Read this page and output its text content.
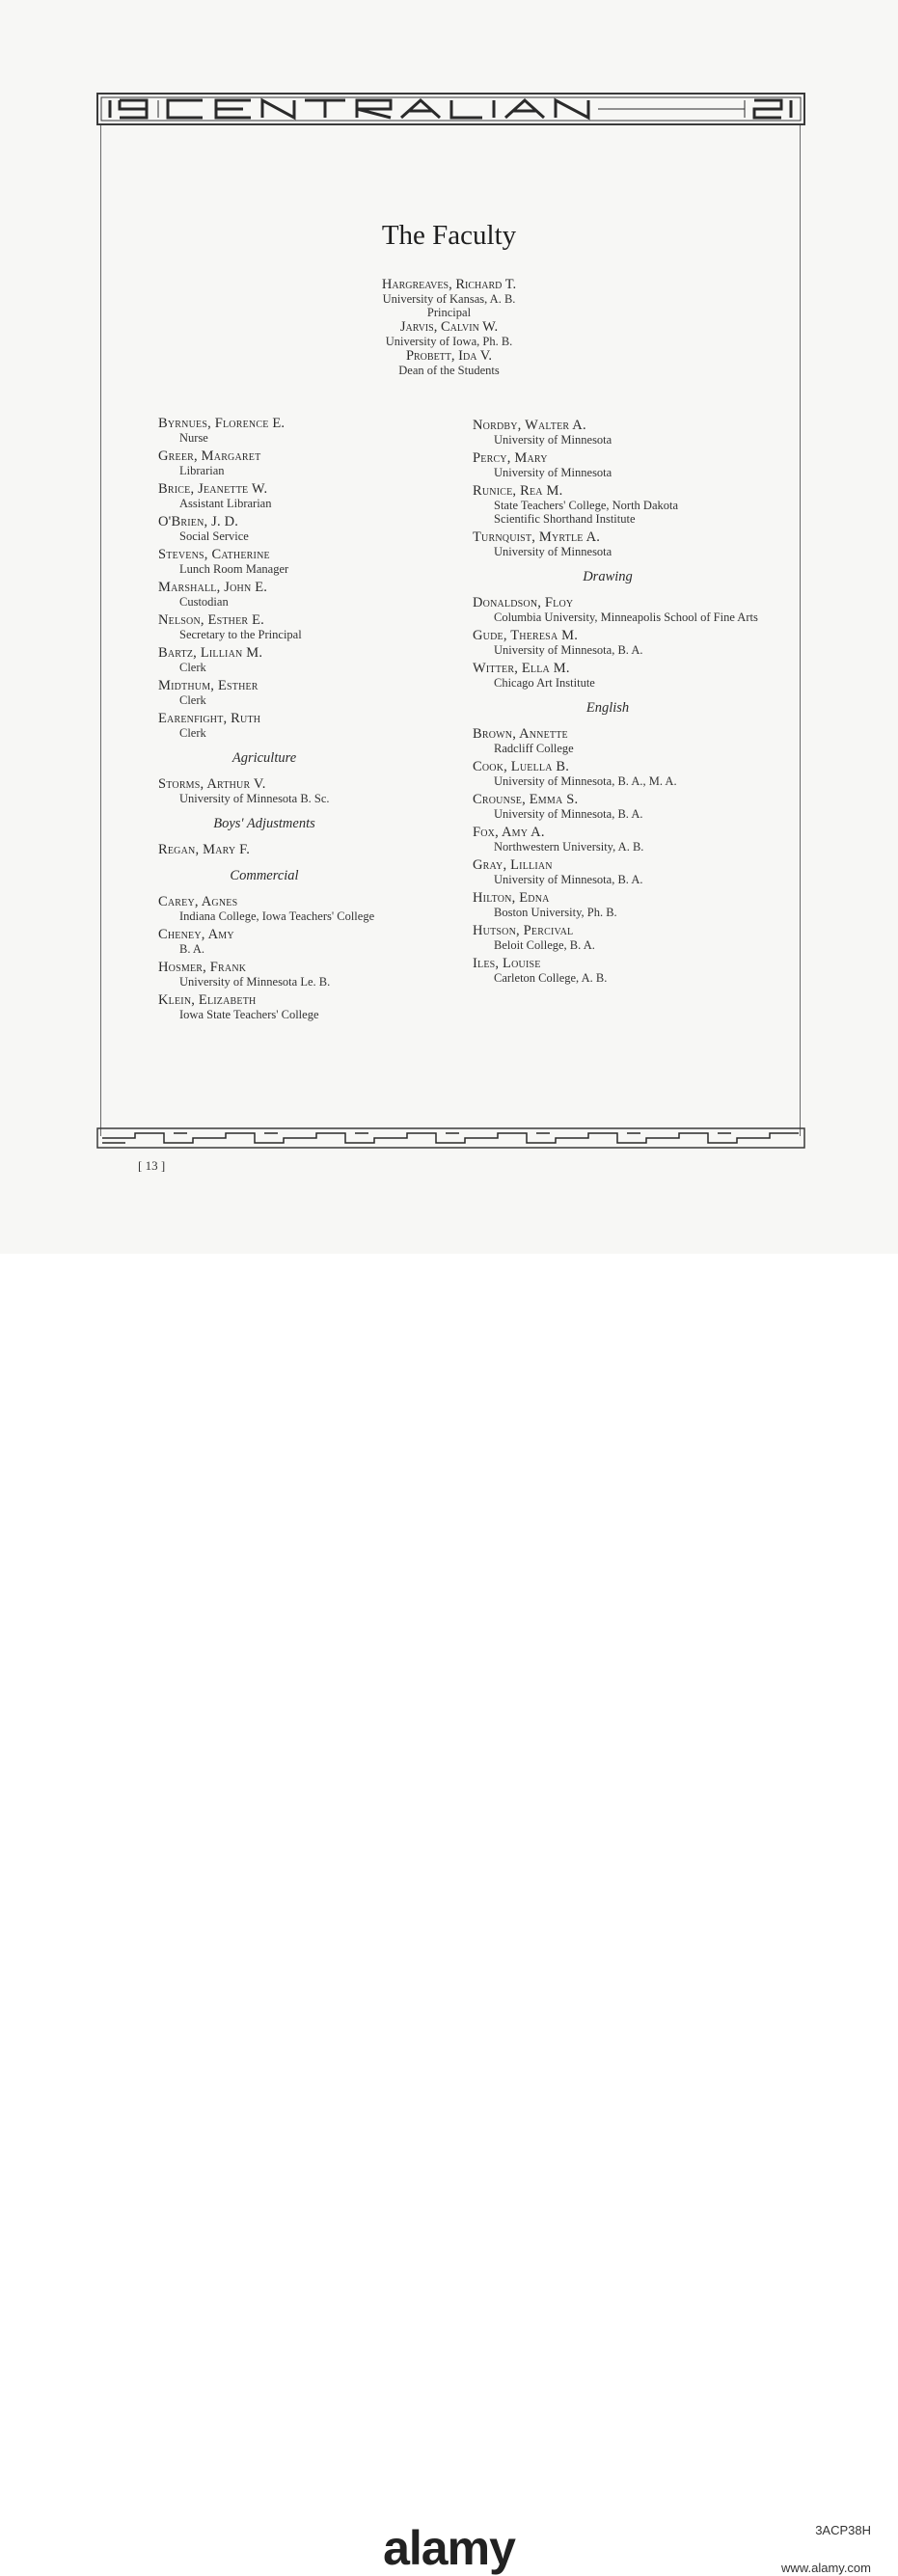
The Faculty
Hargreaves, Richard T.
University of Kansas, A. B.
Principal
Jarvis, Calvin W.
University of Iowa, Ph. B.
Probett, Ida V.
Dean of the Students
Byrnues, Florence E.
Nurse
Greer, Margaret
Librarian
Brice, Jeanette W.
Assistant Librarian
O'Brien, J. D.
Social Service
Stevens, Catherine
Lunch Room Manager
Marshall, John E.
Custodian
Nelson, Esther E.
Secretary to the Principal
Bartz, Lillian M.
Clerk
Midthum, Esther
Clerk
Earenfight, Ruth
Clerk
Agriculture
Storms, Arthur V.
University of Minnesota B. Sc.
Boys' Adjustments
Regan, Mary F.
Commercial
Carey, Agnes
Indiana College, Iowa Teachers' College
Cheney, Amy
B. A.
Hosmer, Frank
University of Minnesota Le. B.
Klein, Elizabeth
Iowa State Teachers' College
Nordby, Walter A.
University of Minnesota
Percy, Mary
University of Minnesota
Runice, Rea M.
State Teachers' College, North Dakota
Scientific Shorthand Institute
Turnquist, Myrtle A.
University of Minnesota
Drawing
Donaldson, Floy
Columbia University, Minneapolis School of Fine Arts
Gude, Theresa M.
University of Minnesota, B. A.
Witter, Ella M.
Chicago Art Institute
English
Brown, Annette
Radcliff College
Cook, Luella B.
University of Minnesota, B. A., M. A.
Crounse, Emma S.
University of Minnesota, B. A.
Fox, Amy A.
Northwestern University, A. B.
Gray, Lillian
University of Minnesota, B. A.
Hilton, Edna
Boston University, Ph. B.
Hutson, Percival
Beloit College, B. A.
Iles, Louise
Carleton College, A. B.
[ 13 ]
alamy	3ACP38H
www.alamy.com
